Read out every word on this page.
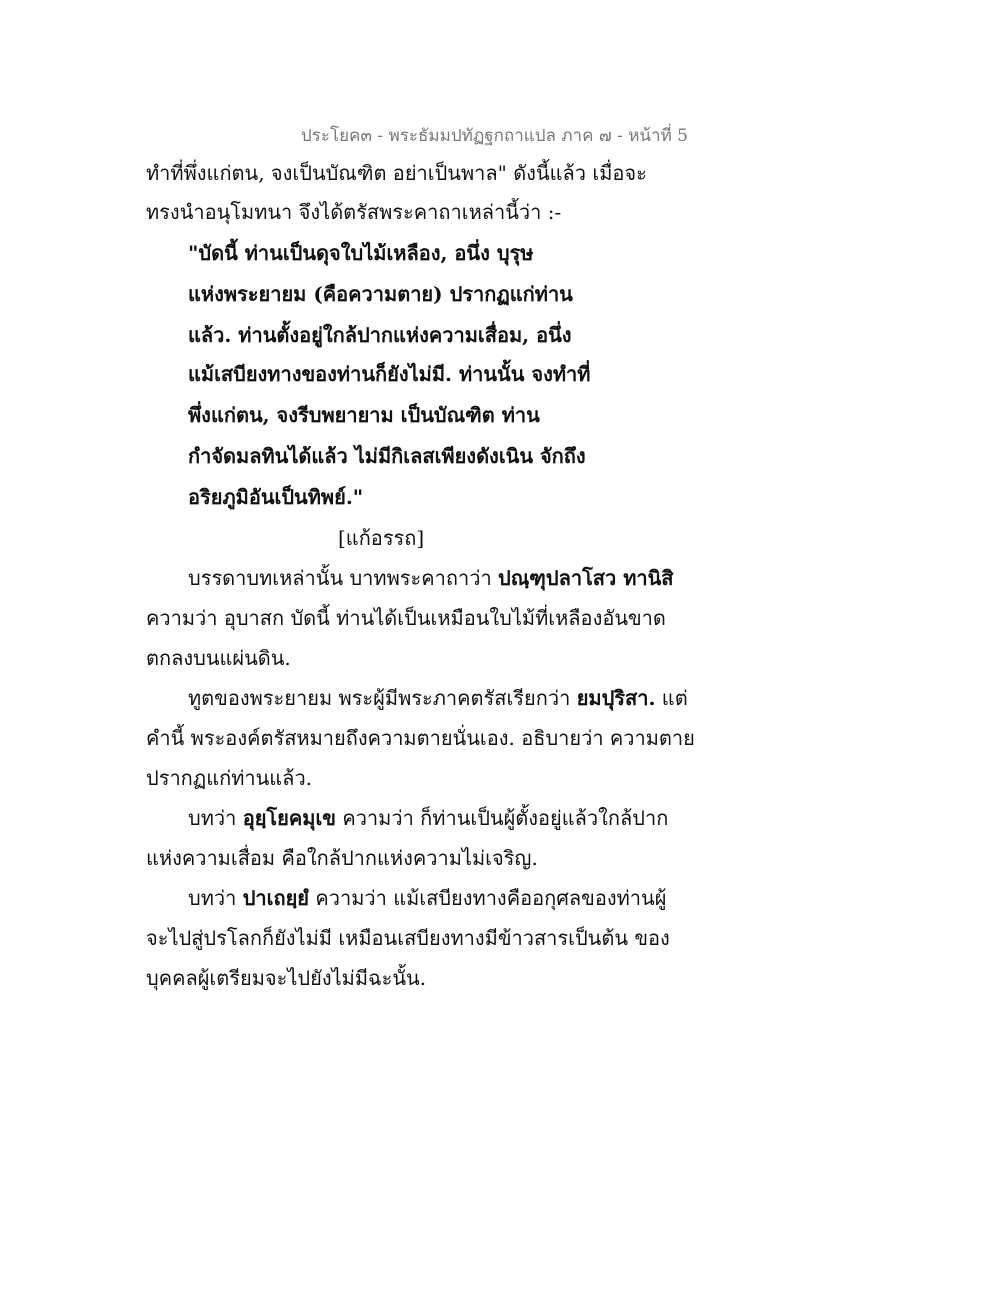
ประโยค๓ - พระธัมมปทัฏฐกถาแปล ภาค ๗ - หน้าที่ 5
ทำที่พึ่งแก่ตน, จงเป็นบัณฑิต อย่าเป็นพาล" ดังนี้แล้ว เมื่อจะ
ทรงนำอนุโมทนา จึงได้ตรัสพระคาถาเหล่านี้ว่า :-
"บัดนี้ ท่านเป็นดุจใบไม้เหลือง, อนึ่ง บุรุษ
แห่งพระยายม (คือความตาย) ปรากฏแก่ท่าน
แล้ว. ท่านตั้งอยู่ใกล้ปากแห่งความเสื่อม, อนึ่ง
แม้เสบียงทางของท่านก็ยังไม่มี. ท่านนั้น จงทำที่
พึ่งแก่ตน, จงรีบพยายาม เป็นบัณฑิต ท่าน
กำจัดมลทินได้แล้ว ไม่มีกิเลสเพียงดังเนิน จักถึง
อริยภูมิอันเป็นทิพย์."
[แก้อรรถ]
บรรดาบทเหล่านั้น บาทพระคาถาว่า ปณฺฑุปลาโสว ทานิสิ
ความว่า อุบาสก บัดนี้ ท่านได้เป็นเหมือนใบไม้ที่เหลืองอันขาด
ตกลงบนแผ่นดิน.
ทูตของพระยายม พระผู้มีพระภาคตรัสเรียกว่า ยมปุริสา. แต่
คำนี้ พระองค์ตรัสหมายถึงความตายนั่นเอง. อธิบายว่า ความตาย
ปรากฏแก่ท่านแล้ว.
บทว่า อุยฺโยคมุเข ความว่า ก็ท่านเป็นผู้ตั้งอยู่แล้วใกล้ปาก
แห่งความเสื่อม คือใกล้ปากแห่งความไม่เจริญ.
บทว่า ปาเถยฺยํ ความว่า แม้เสบียงทางคืออกุศลของท่านผู้
จะไปสู่ปรโลกก็ยังไม่มี เหมือนเสบียงทางมีข้าวสารเป็นต้น ของ
บุคคลผู้เตรียมจะไปยังไม่มีฉะนั้น.
